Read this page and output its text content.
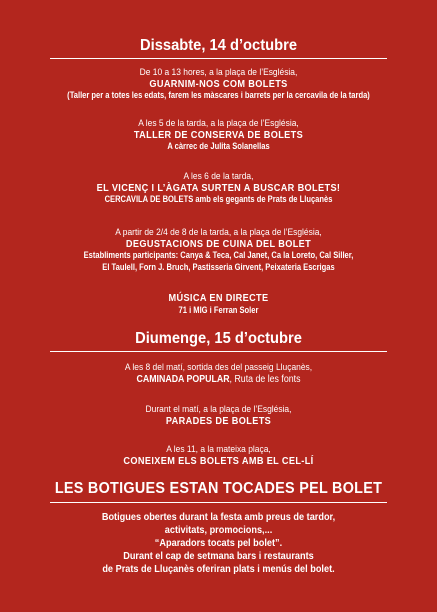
Dissabte, 14 d’octubre
De 10 a 13 hores, a la plaça de l’Església,
GUARNIM-NOS COM BOLETS
(Taller per a totes les edats, farem les màscares i barrets per la cercavila de la tarda)
A les 5 de la tarda, a la plaça de l’Església,
TALLER DE CONSERVA DE BOLETS
A càrrec de Julita Solanellas
A les 6 de la tarda,
EL VICENÇ I L’ÀGATA SURTEN A BUSCAR BOLETS!
CERCAVILA DE BOLETS amb els gegants de Prats de Lluçanès
A partir de 2/4 de 8 de la tarda, a la plaça de l’Església,
DEGUSTACIONS DE CUINA DEL BOLET
Establiments participants: Canya & Teca, Cal Janet, Ca la Loreto, Cal Siller,
El Taulell, Forn J. Bruch, Pastisseria Girvent, Peixateria Escrigas
MÚSICA EN DIRECTE
71 i MIG i Ferran Soler
Diumenge, 15 d’octubre
A les 8 del matí, sortida des del passeig Lluçanès,
CAMINADA POPULAR, Ruta de les fonts
Durant el matí, a la plaça de l’Església,
PARADES DE BOLETS
A les 11, a la mateixa plaça,
CONEIXEM ELS BOLETS AMB EL CEL-LÍ
LES BOTIGUES ESTAN TOCADES PEL BOLET
Botigues obertes durant la festa amb preus de tardor,
activitats, promocions,...
“Aparadors tocats pel bolet”.
Durant el cap de setmana bars i restaurants
de Prats de Lluçanès oferiran plats i menús del bolet.
